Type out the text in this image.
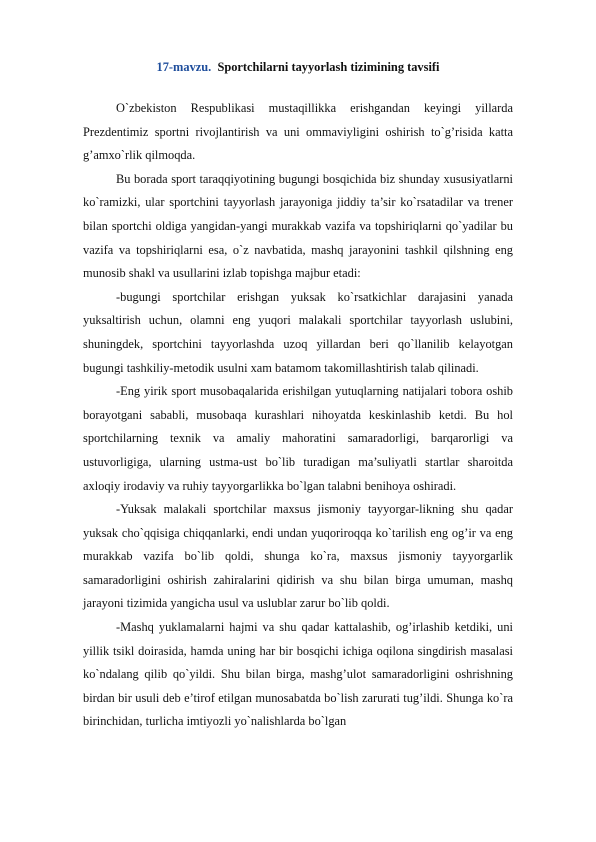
17-mavzu. Sportchilarni tayyorlash tizimining tavsifi

O`zbekiston Respublikasi mustaqillikka erishgandan keyingi yillarda Prezdentimiz sportni rivojlantirish va uni ommaviyligini oshirish to`g’risida katta g’amxo`rlik qilmoqda.

Bu borada sport taraqqiyotining bugungi bosqichida biz shunday xususiyatlarni ko`ramizki, ular sportchini tayyorlash jarayoniga jiddiy ta’sir ko`rsatadilar va trener bilan sportchi oldiga yangidan-yangi murakkab vazifa va topshiriqlarni qo`yadilar bu vazifa va topshiriqlarni esa, o`z navbatida, mashq jarayonini tashkil qilshning eng munosib shakl va usullarini izlab topishga majbur etadi:

-bugungi sportchilar erishgan yuksak ko`rsatkichlar darajasini yanada yuksaltirish uchun, olamni eng yuqori malakali sportchilar tayyorlash uslubini, shuningdek, sportchini tayyorlashda uzoq yillardan beri qo`llanilib kelayotgan bugungi tashkiliy-metodik usulni xam batamom takomillashtirish talab qilinadi.

-Eng yirik sport musobaqalarida erishilgan yutuqlarning natijalari tobora oshib borayotgani sababli, musobaqa kurashlari nihoyatda keskinlashib ketdi. Bu hol sportchilarning texnik va amaliy mahoratini samaradorligi, barqarorligi va ustuvorligiga, ularning ustma-ust bo`lib turadigan ma’suliyatli startlar sharoitda axloqiy irodaviy va ruhiy tayyorgarlikka bo`lgan talabni benihoya oshiradi.

-Yuksak malakali sportchilar maxsus jismoniy tayyorgar-likning shu qadar yuksak cho`qqisiga chiqqanlarki, endi undan yuqoriroqqa ko`tarilish eng og’ir va eng murakkab vazifa bo`lib qoldi, shunga ko`ra, maxsus jismoniy tayyorgarlik samaradorligini oshirish zahiralarini qidirish va shu bilan birga umuman, mashq jarayoni tizimida yangicha usul va uslublar zarur bo`lib qoldi.

-Mashq yuklamalarni hajmi va shu qadar kattalashib, og’irlashib ketdiki, uni yillik tsikl doirasida, hamda uning har bir bosqichi ichiga oqilona singdirish masalasi ko`ndalang qilib qo`yildi. Shu bilan birga, mashg’ulot samaradorligini oshrishning birdan bir usuli deb e’tirof etilgan munosabatda bo`lish zarurati tug’ildi. Shunga ko`ra birinchidan, turlicha imtiyozli yo`nalishlarda bo`lgan
